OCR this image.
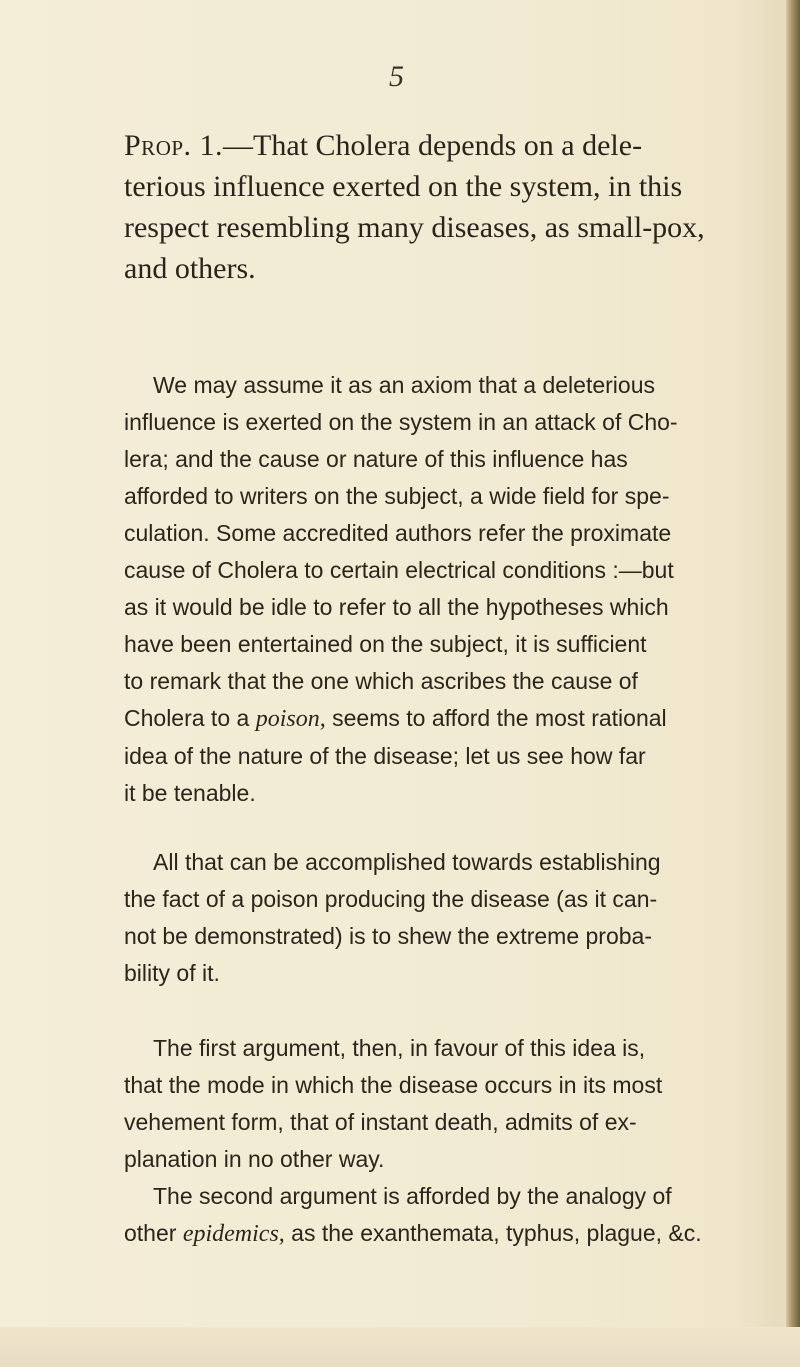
5
Prop. 1.—That Cholera depends on a dele-
terious influence exerted on the system, in this
respect resembling many diseases, as small-pox,
and others.
We may assume it as an axiom that a deleterious
influence is exerted on the system in an attack of Cho-
lera; and the cause or nature of this influence has
afforded to writers on the subject, a wide field for spe-
culation. Some accredited authors refer the proximate
cause of Cholera to certain electrical conditions :—but
as it would be idle to refer to all the hypotheses which
have been entertained on the subject, it is sufficient
to remark that the one which ascribes the cause of
Cholera to a poison, seems to afford the most rational
idea of the nature of the disease; let us see how far
it be tenable.
All that can be accomplished towards establishing
the fact of a poison producing the disease (as it can-
not be demonstrated) is to shew the extreme proba-
bility of it.
The first argument, then, in favour of this idea is,
that the mode in which the disease occurs in its most
vehement form, that of instant death, admits of ex-
planation in no other way.
The second argument is afforded by the analogy of
other epidemics, as the exanthemata, typhus, plague, &c.
